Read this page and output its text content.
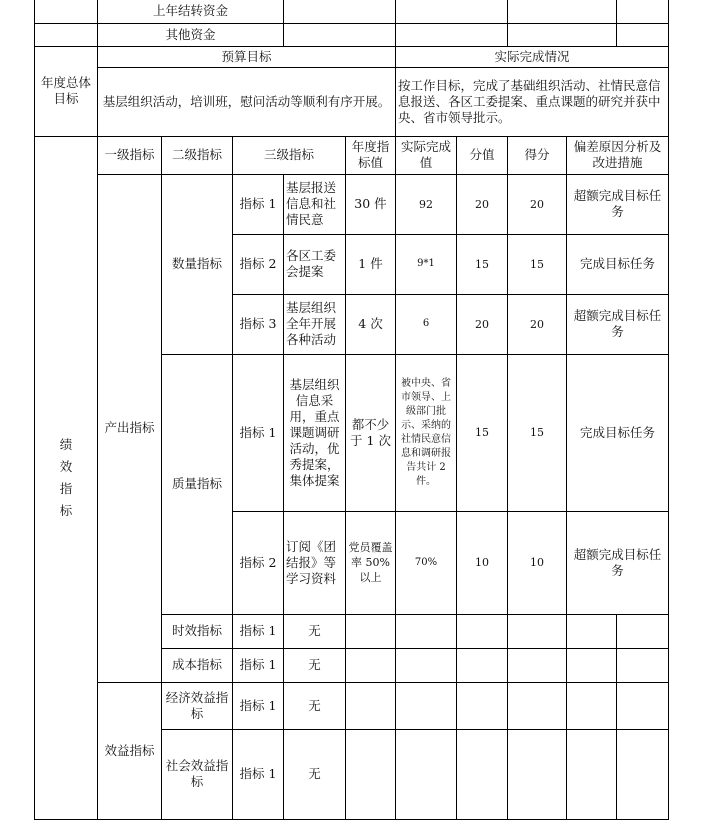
	上年结转资金									
	其他资金									
年度总体目标	预算目标					实际完成情况				
	基层组织活动，培训班，慰问活动等顺利有序开展。					按工作目标，完成了基础组织活动、社情民意信息报送、各区工委提案、重点课题的研究并获中央、省市领导批示。				
绩效指标	一级指标	二级指标	三级指标		年度指标值	实际完成值	分值	得分	偏差原因分析及改进措施	
	产出指标	数量指标	指标 1	基层报送信息和社情民意	30 件	92	20	20	超额完成目标任务	
			指标 2	各区工委会提案	1 件	9*1	15	15	完成目标任务	
			指标 3	基层组织全年开展各种活动	4 次	6	20	20	超额完成目标任务	
		质量指标	指标 1	基层组织信息采用，重点课题调研活动，优秀提案，集体提案	都不少于 1 次	被中央、省市领导、上级部门批示、采纳的社情民意信息和调研报告共计 2 件。	15	15	完成目标任务	
			指标 2	订阅《团结报》等学习资料	党员覆盖率 50%以上	70%	10	10	超额完成目标任务	
		时效指标	指标 1	无						
		成本指标	指标 1	无						
	效益指标	经济效益指标	指标 1	无						
		社会效益指标	指标 1	无						
